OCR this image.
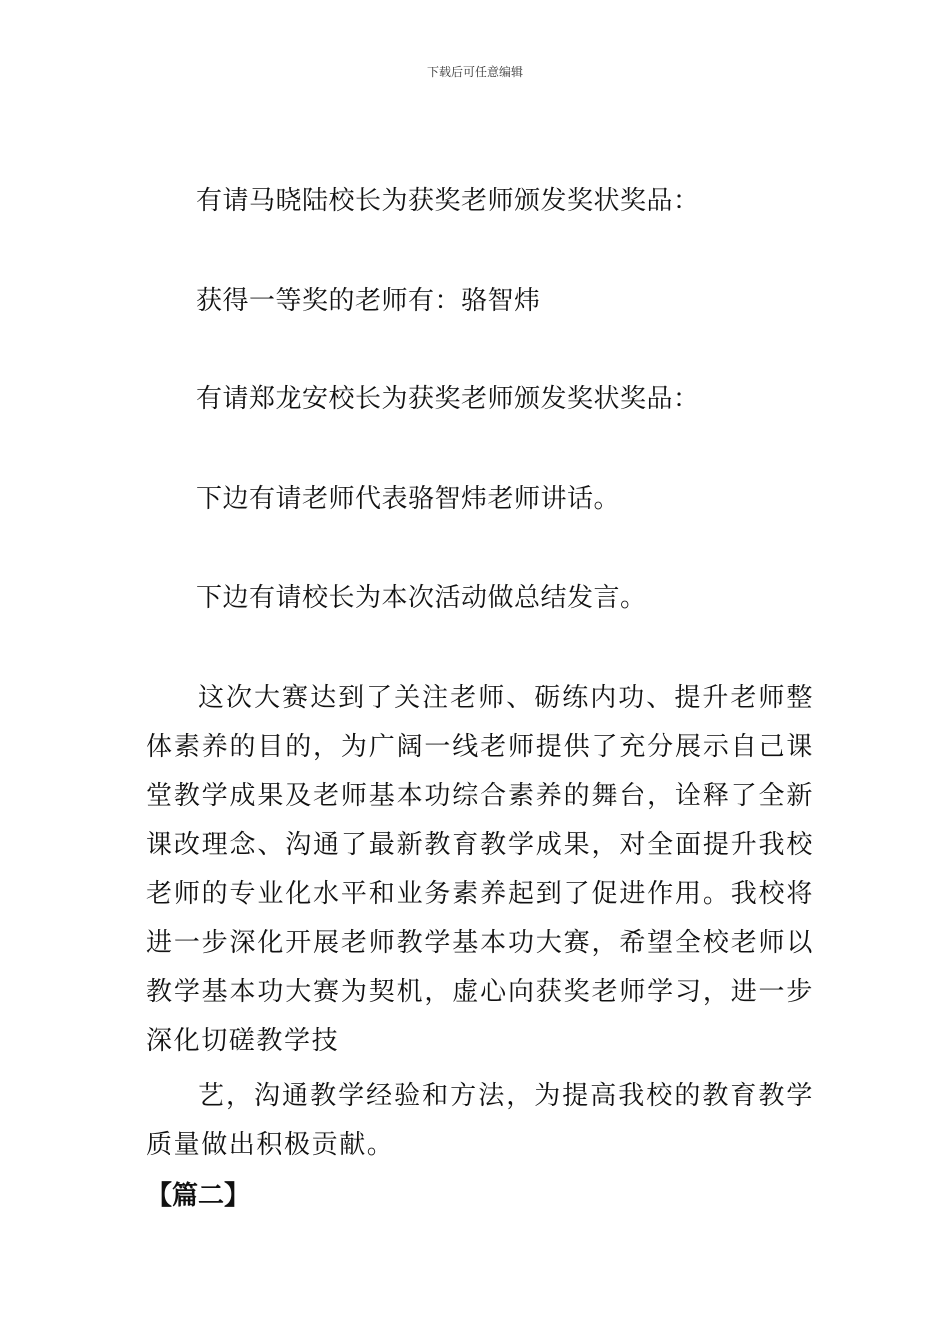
下载后可任意编辑
有请马晓陆校长为获奖老师颁发奖状奖品：
获得一等奖的老师有：骆智炜
有请郑龙安校长为获奖老师颁发奖状奖品：
下边有请老师代表骆智炜老师讲话。
下边有请校长为本次活动做总结发言。
这次大赛达到了关注老师、砺练内功、提升老师整体素养的目的，为广阔一线老师提供了充分展示自己课堂教学成果及老师基本功综合素养的舞台，诠释了全新课改理念、沟通了最新教育教学成果，对全面提升我校老师的专业化水平和业务素养起到了促进作用。我校将进一步深化开展老师教学基本功大赛，希望全校老师以教学基本功大赛为契机，虚心向获奖老师学习，进一步深化切磋教学技
艺，沟通教学经验和方法，为提高我校的教育教学质量做出积极贡献。
【篇二】
